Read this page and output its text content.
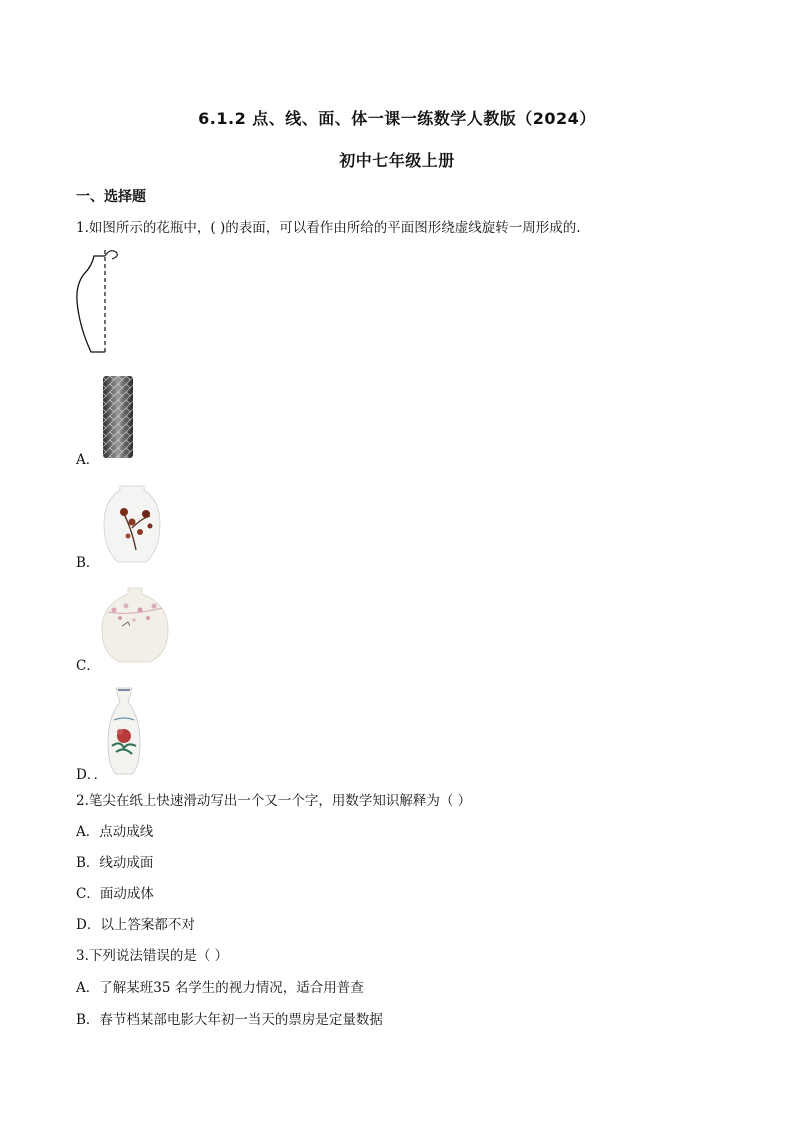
6.1.2 点、线、面、体一课一练数学人教版（2024）
初中七年级上册
一、选择题
1.如图所示的花瓶中，( )的表面，可以看作由所给的平面图形绕虚线旋转一周形成的.
A．
B．
C．
D．．
2.笔尖在纸上快速滑动写出一个又一个字，用数学知识解释为（ ）
A．点动成线
B．线动成面
C．面动成体
D．以上答案都不对
3.下列说法错误的是（ ）
A．了解某班35 名学生的视力情况，适合用普查
B．春节档某部电影大年初一当天的票房是定量数据
